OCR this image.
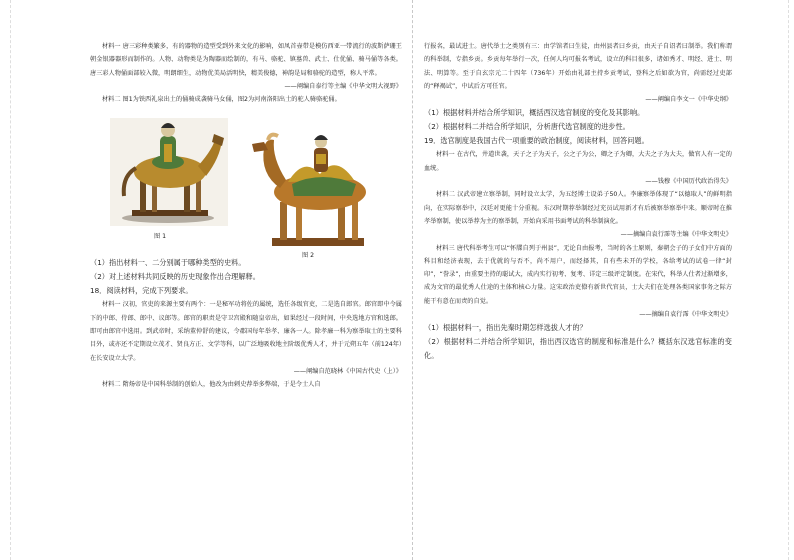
材料一 唐三彩种类繁多，有的器物的造型受到外来文化的影响，如凤首壶带是模仿西亚一带流行的波斯萨珊王朝金银器器形而制作的。人物、动物类是为陶器而绘制的，有马、骆驼、镇墓兽、武士、仕优俑、骑马俑等各类。唐三彩人物俑面部较入微，明朗细生，动物优美局活明快，精美俊德，神韵是局和骆驼的造型，称人平常。

——阐编自泰行等主编《中华文明大视野》

材料二 图1为铁西礼泉出土的俑骑成袭骑马女俑，图2为河南洛阳出土的驼人骑骆驼俑。

图 1
图 2

（1）指出材料一、二分别属于哪种类型的史料。

（2）对上述材料共同反映的历史现象作出合理解释。

18．阅读材料，完成下列要求。

材料一 汉初，官吏的来源主要有两个：一是秘军功将佐的属统，选任各级官吏，二是选自郎官。郎官即中令属下的中郎、侍郎、郎中、议郎等。郎官的职责是守卫宫殿和随皇帝出，如果经过一段时间，中央选地方官和选郎。即可由郎官中选用。到武帝时，采纳董仲舒的建议，令郡国每年举孝、廉各一人。除孝廉一科为察举取士的主要科目外，或亦还不定期设立茂才、贤良方正、文学等科，以广泛地吸收地主阶级优秀人才，并于元朔五年（前124年）在长安设立太学。

——阐编自范晓林《中国古代史（上）》

材料二 隋炀帝是中国科举制的创始人，他改为由刺史荐举多弊端，于是令士人自

行报名，最试进士。唐代举士之类别有三：由学馆者曰生徒，由州县者曰乡贡，由天子自诏者曰制举。我们称谓的科举制，专指乡贡。乡贡每年举行一次，任何人均可报名考试，设立的科目很多，诸如秀才、明经、进士、明法、明算等。至于自玄宗元二十四年（736年）开始由礼部主持乡贡考试，登科之后如欲为官，尚需经过吏部的“释褐试”，中试后方可任官。

——阐编自李文一《中华史纲》

（1）根据材料并结合所学知识，概括西汉选官制度的变化及其影响。

（2）根据材料二并结合所学知识，分析唐代选官制度的进步性。

19．选官制度是我国古代一项重要的政治制度，阅读材料，回答问题。

材料一 在古代，井道世袭，天子之子为天子，公之子为公，卿之子为卿，大夫之子为大夫，做官人有一定的血统。

——钱穆《中国历代政治得失》

材料二 汉武帝建立察举制，同时设立太学，为五经博士设弟子50人。李廉察举体现了“以德取人”的鲜明指向，在实际察举中，汉廷对更能十分重视。东汉时期荐举制经过充员试用新才有后被察举察举中来。顺帝时在推孝举察制，使以举荐为主的察举制，开始向采用书面考试的科举制演化。

——摘编自袁行霈等主编《中华文明史》

材料三 唐代科举考生可以“怀牒自列于州县”，无论自由报考，当时的各士原则，秦朝会子的子女们中方面的科目和经济表现，去于优就的与否不，尚不用户，而经择其，自有些未开的学校，各给考试的试卷一律“封印”，“誊录”，由重要主持的聪试大，成内实行初考、复考、详定三级评定制度。在宋代，科举人仕者过渐增多，成为文官的最优秀人仕途的主体和核心力量。这宋政治吏僚有新世代官员，士大夫们在处理各类国家事务之际方能干有意在而责的自觉。

——摘编自袁行霈《中华文明史》

（1）根据材料一，指出先秦时期怎样选拔人才的？

（2）根据材料二并结合所学知识，指出西汉选官的制度和标准是什么？概括东汉选官标准的变化。
